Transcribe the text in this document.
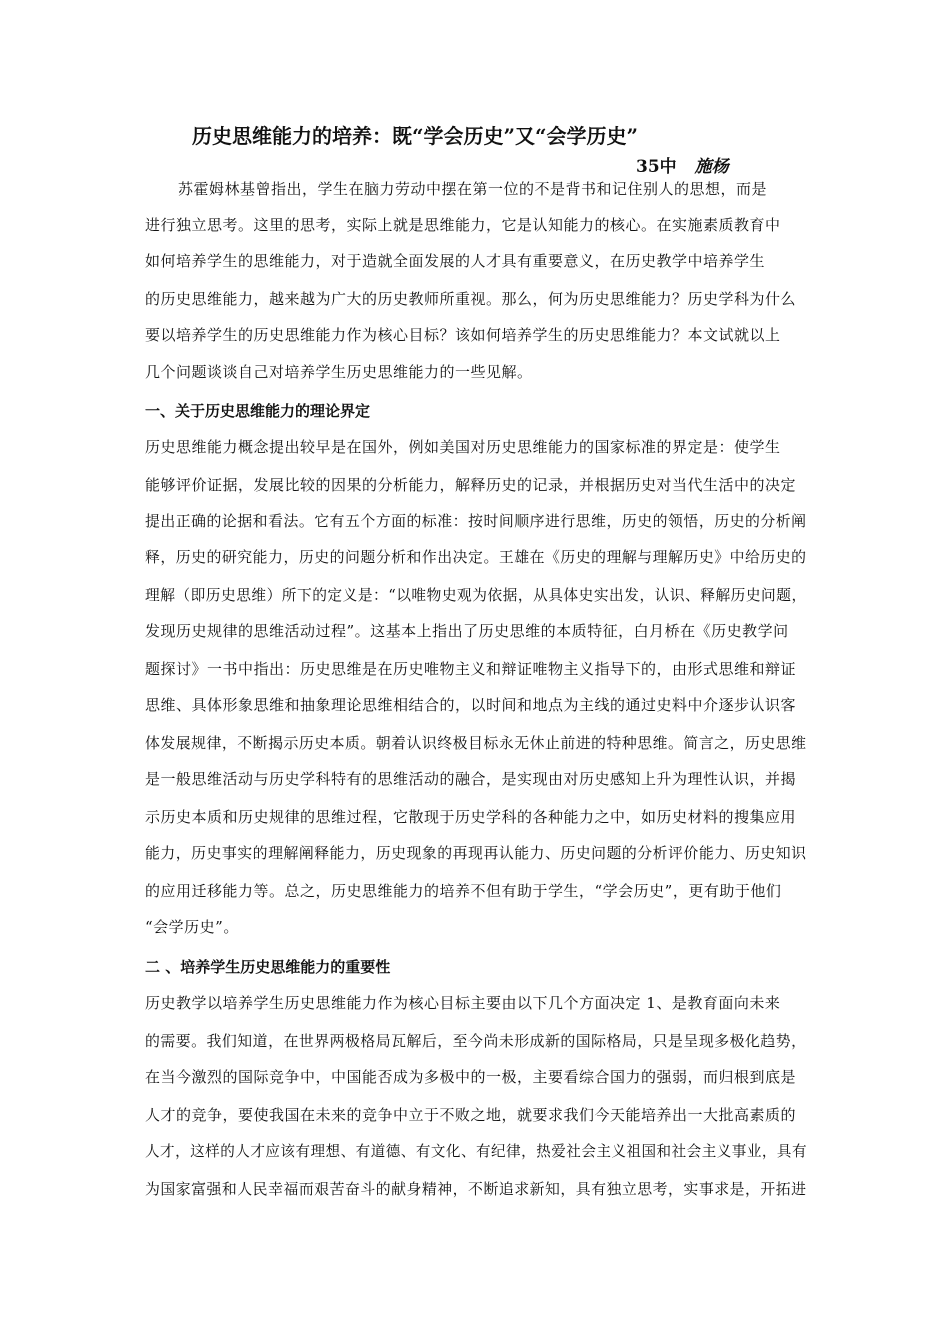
历史思维能力的培养：既“学会历史”又“会学历史”
35中 施杨
苏霍姆林基曾指出，学生在脑力劳动中摆在第一位的不是背书和记住别人的思想，而是
进行独立思考。这里的思考，实际上就是思维能力，它是认知能力的核心。在实施素质教育中
如何培养学生的思维能力，对于造就全面发展的人才具有重要意义，在历史教学中培养学生
的历史思维能力，越来越为广大的历史教师所重视。那么，何为历史思维能力？历史学科为什么
要以培养学生的历史思维能力作为核心目标？该如何培养学生的历史思维能力？本文试就以上
几个问题谈谈自己对培养学生历史思维能力的一些见解。
一、关于历史思维能力的理论界定
历史思维能力概念提出较早是在国外，例如美国对历史思维能力的国家标准的界定是：使学生
能够评价证据，发展比较的因果的分析能力，解释历史的记录，并根据历史对当代生活中的决定
提出正确的论据和看法。它有五个方面的标准：按时间顺序进行思维，历史的领悟，历史的分析阐
释，历史的研究能力，历史的问题分析和作出决定。王雄在《历史的理解与理解历史》中给历史的
理解（即历史思维）所下的定义是：“以唯物史观为依据，从具体史实出发，认识、释解历史问题，
发现历史规律的思维活动过程”。这基本上指出了历史思维的本质特征，白月桥在《历史教学问
题探讨》一书中指出：历史思维是在历史唯物主义和辩证唯物主义指导下的，由形式思维和辩证
思维、具体形象思维和抽象理论思维相结合的，以时间和地点为主线的通过史料中介逐步认识客
体发展规律，不断揭示历史本质。朝着认识终极目标永无休止前进的特种思维。简言之，历史思维
是一般思维活动与历史学科特有的思维活动的融合，是实现由对历史感知上升为理性认识，并揭
示历史本质和历史规律的思维过程，它散现于历史学科的各种能力之中，如历史材料的搜集应用
能力，历史事实的理解阐释能力，历史现象的再现再认能力、历史问题的分析评价能力、历史知识
的应用迁移能力等。总之，历史思维能力的培养不但有助于学生，“学会历史”，更有助于他们
“会学历史”。
二 、培养学生历史思维能力的重要性
历史教学以培养学生历史思维能力作为核心目标主要由以下几个方面决定 1、是教育面向未来
的需要。我们知道，在世界两极格局瓦解后，至今尚未形成新的国际格局，只是呈现多极化趋势，
在当今激烈的国际竞争中，中国能否成为多极中的一极，主要看综合国力的强弱，而归根到底是
人才的竞争，要使我国在未来的竞争中立于不败之地，就要求我们今天能培养出一大批高素质的
人才，这样的人才应该有理想、有道德、有文化、有纪律，热爱社会主义祖国和社会主义事业，具有
为国家富强和人民幸福而艰苦奋斗的献身精神，不断追求新知，具有独立思考，实事求是，开拓进
